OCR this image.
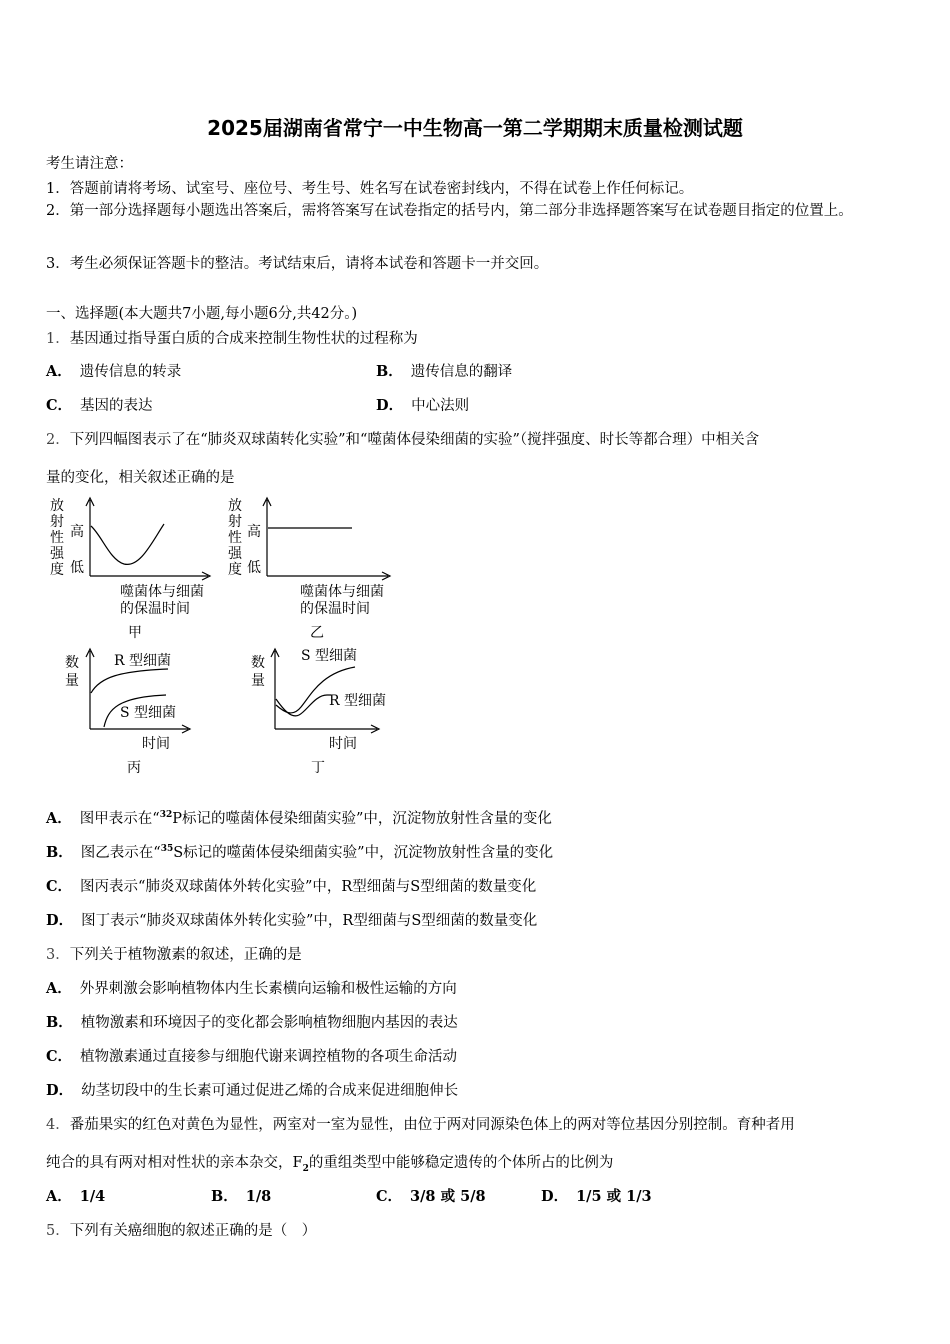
2025届湖南省常宁一中生物高一第二学期期末质量检测试题
考生请注意：
1．答题前请将考场、试室号、座位号、考生号、姓名写在试卷密封线内，不得在试卷上作任何标记。
2．第一部分选择题每小题选出答案后，需将答案写在试卷指定的括号内，第二部分非选择题答案写在试卷题目指定的位置上。
3．考生必须保证答题卡的整洁。考试结束后，请将本试卷和答题卡一并交回。
一、选择题(本大题共7小题,每小题6分,共42分。)
1．基因通过指导蛋白质的合成来控制生物性状的过程称为
A． 遗传信息的转录	B． 遗传信息的翻译
C． 基因的表达	D． 中心法则
2．下列四幅图表示了在“肺炎双球菌转化实验”和“噬菌体侵染细菌的实验”（搅拌强度、时长等都合理）中相关含
量的变化，相关叙述正确的是
放
射
性
强
度
高
低
噬菌体与细菌
的保温时间
甲
放
射
性
强
度
高
低
噬菌体与细菌
的保温时间
乙
数
量
R 型细菌
S 型细菌
时间
丙
数
量
S 型细菌
R 型细菌
时间
丁
A． 图甲表示在“$^{32}$P标记的噬菌体侵染细菌实验”中，沉淀物放射性含量的变化
B． 图乙表示在“$^{35}$S标记的噬菌体侵染细菌实验”中，沉淀物放射性含量的变化
C． 图丙表示“肺炎双球菌体外转化实验”中，R型细菌与S型细菌的数量变化
D． 图丁表示“肺炎双球菌体外转化实验”中，R型细菌与S型细菌的数量变化
3．下列关于植物激素的叙述，正确的是
A． 外界刺激会影响植物体内生长素横向运输和极性运输的方向
B． 植物激素和环境因子的变化都会影响植物细胞内基因的表达
C． 植物激素通过直接参与细胞代谢来调控植物的各项生命活动
D． 幼茎切段中的生长素可通过促进乙烯的合成来促进细胞伸长
4．番茄果实的红色对黄色为显性，两室对一室为显性，由位于两对同源染色体上的两对等位基因分别控制。育种者用
纯合的具有两对相对性状的亲本杂交，$F_2$的重组类型中能够稳定遗传的个体所占的比例为
A． 1/4	B． 1/8	C． 3/8 或 5/8	D． 1/5 或 1/3
5．下列有关癌细胞的叙述正确的是（　）
